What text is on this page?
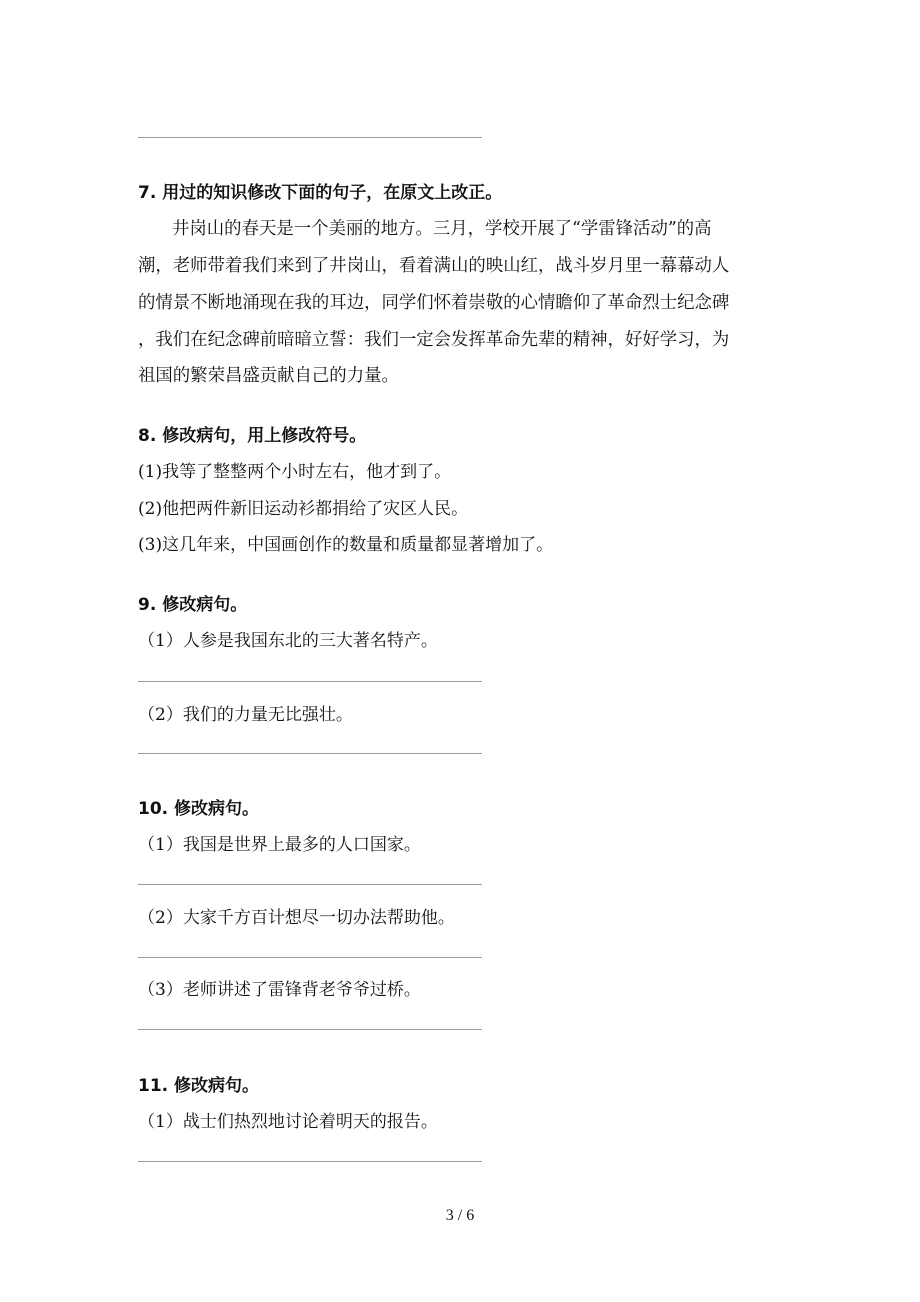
7. 用过的知识修改下面的句子，在原文上改正。
井岗山的春天是一个美丽的地方。三月，学校开展了“学雷锋活动”的高
潮，老师带着我们来到了井岗山，看着满山的映山红，战斗岁月里一幕幕动人
的情景不断地涌现在我的耳边，同学们怀着崇敬的心情瞻仰了革命烈士纪念碑
，我们在纪念碑前暗暗立誓：我们一定会发挥革命先辈的精神，好好学习，为
祖国的繁荣昌盛贡献自己的力量。
8. 修改病句，用上修改符号。
(1)我等了整整两个小时左右，他才到了。
(2)他把两件新旧运动衫都捐给了灾区人民。
(3)这几年来，中国画创作的数量和质量都显著增加了。
9. 修改病句。
（1）人参是我国东北的三大著名特产。
（2）我们的力量无比强壮。
10. 修改病句。
（1）我国是世界上最多的人口国家。
（2）大家千方百计想尽一切办法帮助他。
（3）老师讲述了雷锋背老爷爷过桥。
11. 修改病句。
（1）战士们热烈地讨论着明天的报告。
3 / 6
